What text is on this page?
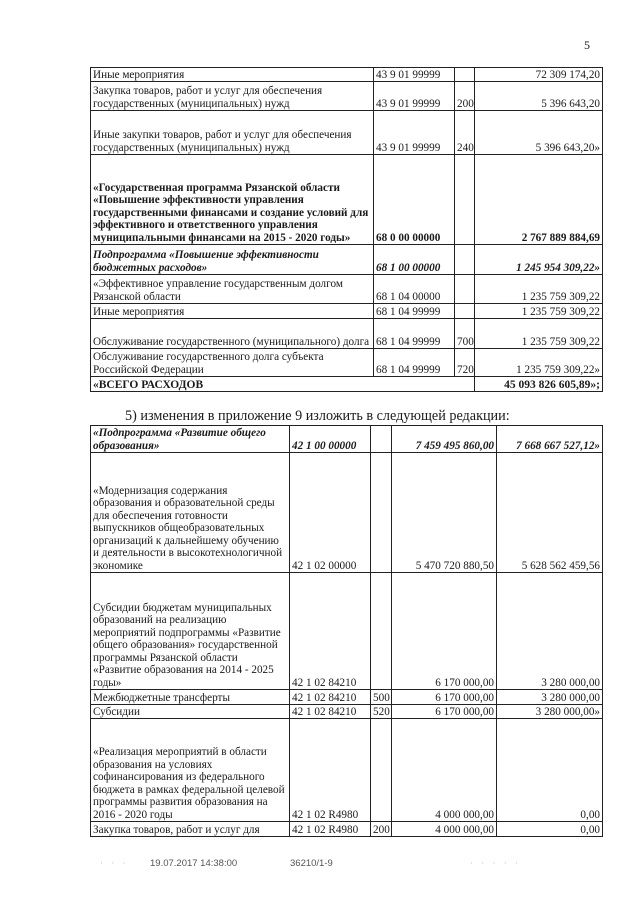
5
Иные мероприятия	43 9 01 99999		72 309 174,20
Закупка товаров, работ и услуг для обеспечения государственных (муниципальных) нужд	43 9 01 99999	200	5 396 643,20
Иные закупки товаров, работ и услуг для обеспечения государственных (муниципальных) нужд	43 9 01 99999	240	5 396 643,20»
«Государственная программа Рязанской области «Повышение эффективности управления государственными финансами и создание условий для эффективного и ответственного управления муниципальными финансами на 2015 - 2020 годы»	68 0 00 00000		2 767 889 884,69
Подпрограмма «Повышение эффективности бюджетных расходов»	68 1 00 00000		1 245 954 309,22»
«Эффективное управление государственным долгом Рязанской области	68 1 04 00000		1 235 759 309,22
Иные мероприятия	68 1 04 99999		1 235 759 309,22
Обслуживание государственного (муниципального) долга	68 1 04 99999	700	1 235 759 309,22
Обслуживание государственного долга субъекта Российской Федерации	68 1 04 99999	720	1 235 759 309,22»
«ВСЕГО РАСХОДОВ			45 093 826 605,89»;
5) изменения в приложение 9 изложить в следующей редакции:
«Подпрограмма «Развитие общего образования»	42 1 00 00000		7 459 495 860,00	7 668 667 527,12»
«Модернизация содержания образования и образовательной среды для обеспечения готовности выпускников общеобразовательных организаций к дальнейшему обучению и деятельности в высокотехнологичной экономике	42 1 02 00000		5 470 720 880,50	5 628 562 459,56
Субсидии бюджетам муниципальных образований на реализацию мероприятий подпрограммы «Развитие общего образования» государственной программы Рязанской области «Развитие образования на 2014 - 2025 годы»	42 1 02 84210		6 170 000,00	3 280 000,00
Межбюджетные трансферты	42 1 02 84210	500	6 170 000,00	3 280 000,00
Субсидии	42 1 02 84210	520	6 170 000,00	3 280 000,00»
«Реализация мероприятий в области образования на условиях софинансирования из федерального бюджета в рамках федеральной целевой программы развития образования на 2016 - 2020 годы	42 1 02 R4980		4 000 000,00	0,00
Закупка товаров, работ и услуг для	42 1 02 R4980	200	4 000 000,00	0,00
· · · 19.07.2017 14:38:00	36210/1-9	· · · · ·
